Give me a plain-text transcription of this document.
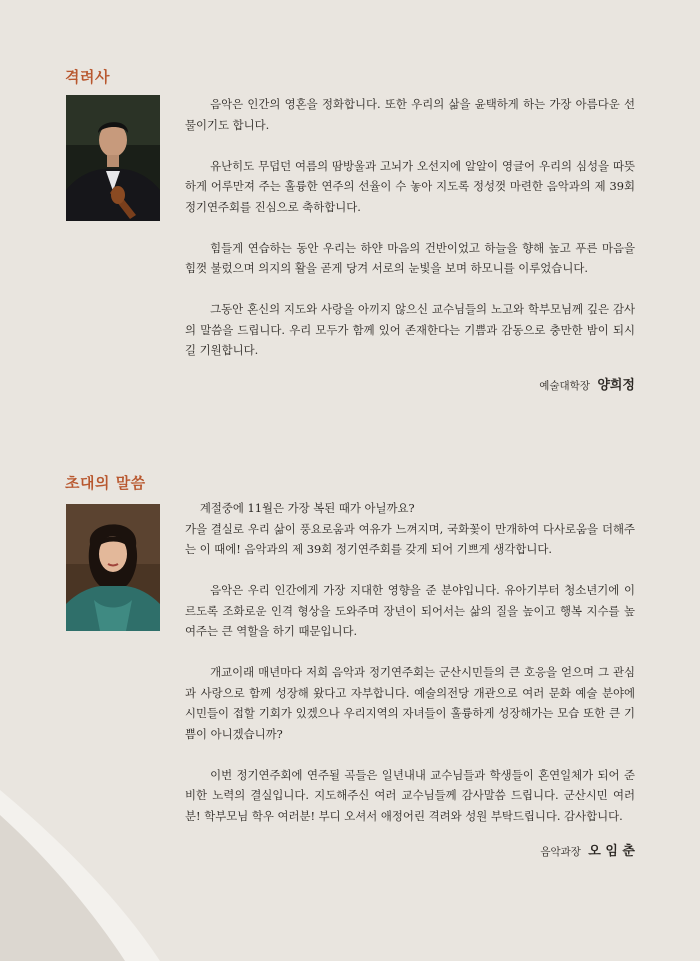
격려사

음악은 인간의 영혼을 정화합니다. 또한 우리의 삶을 윤택하게 하는 가장 아름다운 선물이기도 합니다.

유난히도 무덥던 여름의 땀방울과 고뇌가 오선지에 알알이 영글어 우리의 심성을 따뜻하게 어루만져 주는 훌륭한 연주의 선율이 수 놓아 지도록 정성껏 마련한 음악과의 제 39회 정기연주회를 진심으로 축하합니다.

힘들게 연습하는 동안 우리는 하얀 마음의 건반이었고 하늘을 향해 높고 푸른 마음을 힘껏 불렀으며 의지의 활을 곧게 당겨 서로의 눈빛을 보며 하모니를 이루었습니다.

그동안 혼신의 지도와 사랑을 아끼지 않으신 교수님들의 노고와 학부모님께 깊은 감사의 말씀을 드립니다. 우리 모두가 함께 있어 존재한다는 기쁨과 감동으로 충만한 밤이 되시길 기원합니다.

예술대학장 양희정
초대의 말씀

계절중에 11월은 가장 복된 때가 아닐까요?

가을 결실로 우리 삶이 풍요로움과 여유가 느껴지며, 국화꽃이 만개하여 다사로움을 더해주는 이 때에! 음악과의 제 39회 정기연주회를 갖게 되어 기쁘게 생각합니다.

음악은 우리 인간에게 가장 지대한 영향을 준 분야입니다. 유아기부터 청소년기에 이르도록 조화로운 인격 형상을 도와주며 장년이 되어서는 삶의 질을 높이고 행복 지수를 높여주는 큰 역할을 하기 때문입니다.

개교이래 매년마다 저희 음악과 정기연주회는 군산시민들의 큰 호응을 얻으며 그 관심과 사랑으로 함께 성장해 왔다고 자부합니다. 예술의전당 개관으로 여러 문화 예술 분야에 시민들이 접할 기회가 있겠으나 우리지역의 자녀들이 훌륭하게 성장해가는 모습 또한 큰 기쁨이 아니겠습니까?

이번 정기연주회에 연주될 곡들은 일년내내 교수님들과 학생들이 혼연일체가 되어 준비한 노력의 결실입니다. 지도해주신 여러 교수님들께 감사말씀 드립니다. 군산시민 여러분! 학부모님 학우 여러분! 부디 오셔서 애정어린 격려와 성원 부탁드립니다. 감사합니다.

음악과장 오 임 춘
